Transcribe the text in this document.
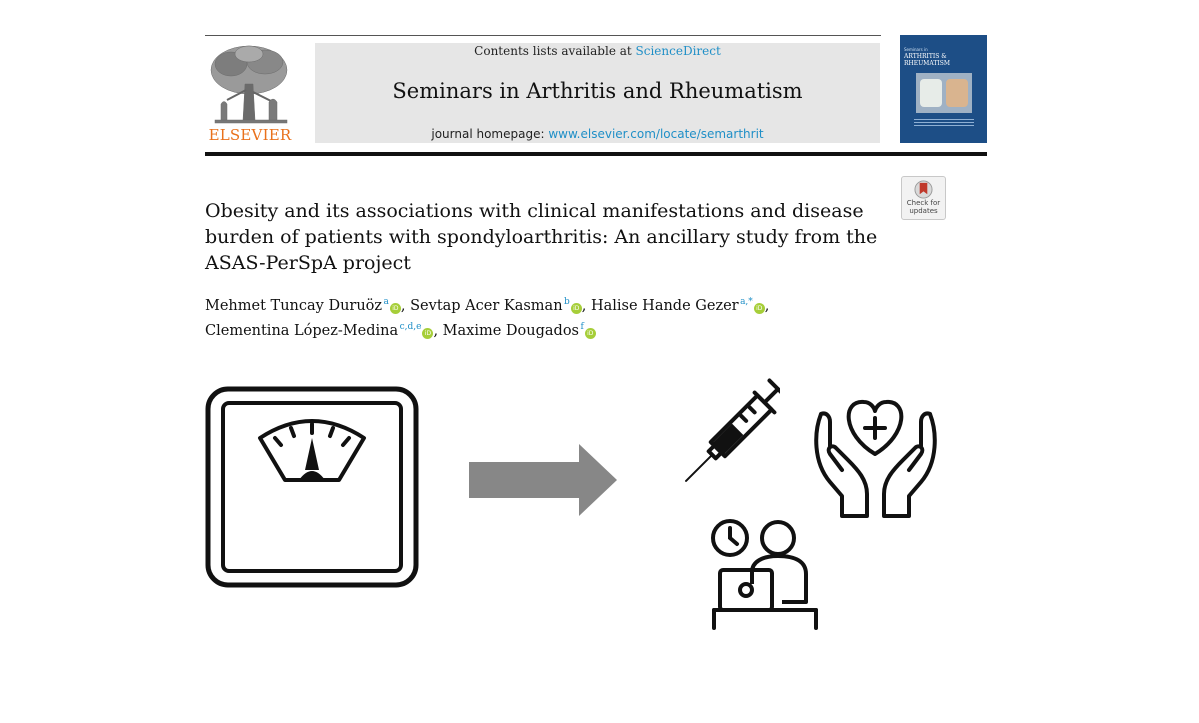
ELSEVIER
Contents lists available at ScienceDirect
Seminars in Arthritis and Rheumatism
journal homepage: www.elsevier.com/locate/semarthrit
Seminars in
ARTHRITIS & RHEUMATISM
Check for
updates
Obesity and its associations with clinical manifestations and disease burden of patients with spondyloarthritis: An ancillary study from the ASAS-PerSpA project
Mehmet Tuncay Duruöz $^a$iD , Sevtap Acer Kasman $^b$iD , Halise Hande Gezer $^{a,*}$iD ,
Clementina López-Medina $^{c,d,e}$iD , Maxime Dougados $^f$iD
